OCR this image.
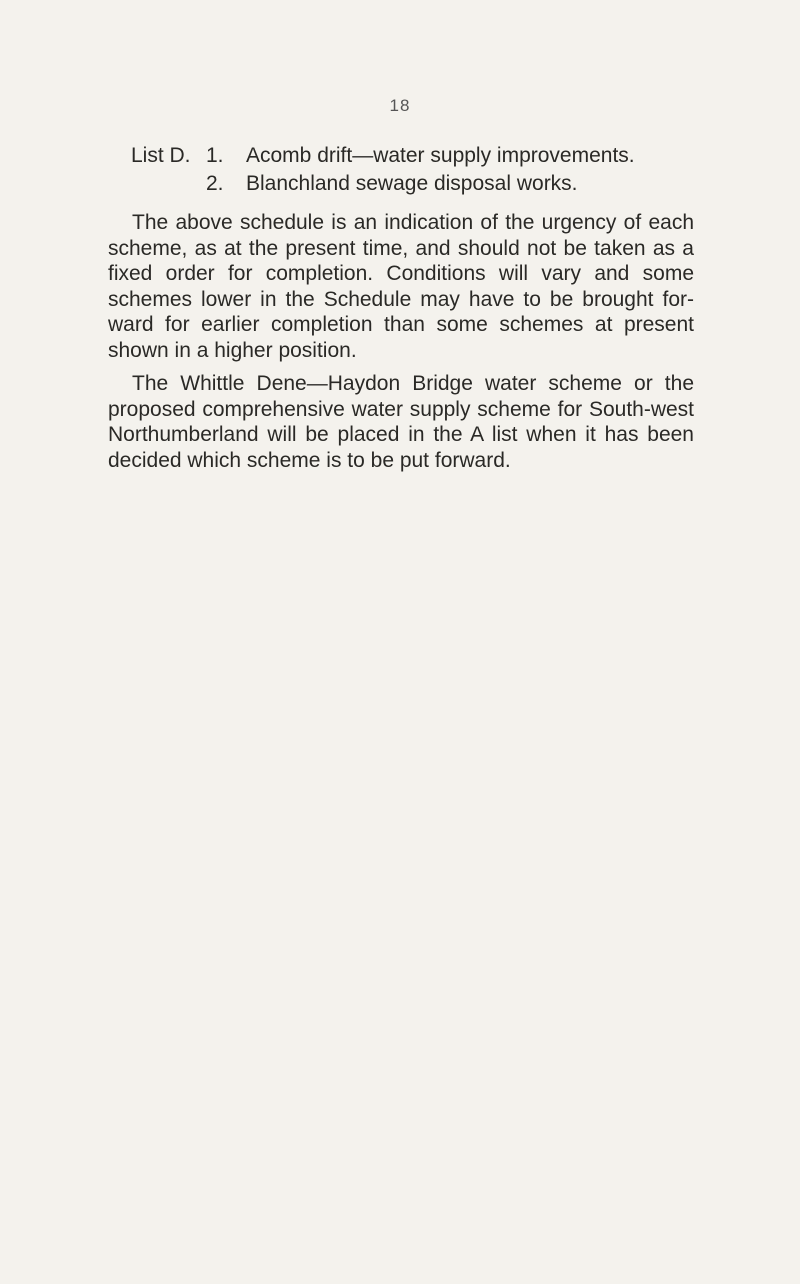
18
List D. 1.	Acomb drift—water supply improvements.
2.	Blanchland sewage disposal works.

The above schedule is an indication of the urgency of each scheme, as at the present time, and should not be taken as a fixed order for completion. Conditions will vary and some schemes lower in the Schedule may have to be brought for- ward for earlier completion than some schemes at present shown in a higher position.

The Whittle Dene—Haydon Bridge water scheme or the proposed comprehensive water supply scheme for South-west Northumberland will be placed in the A list when it has been decided which scheme is to be put forward.
